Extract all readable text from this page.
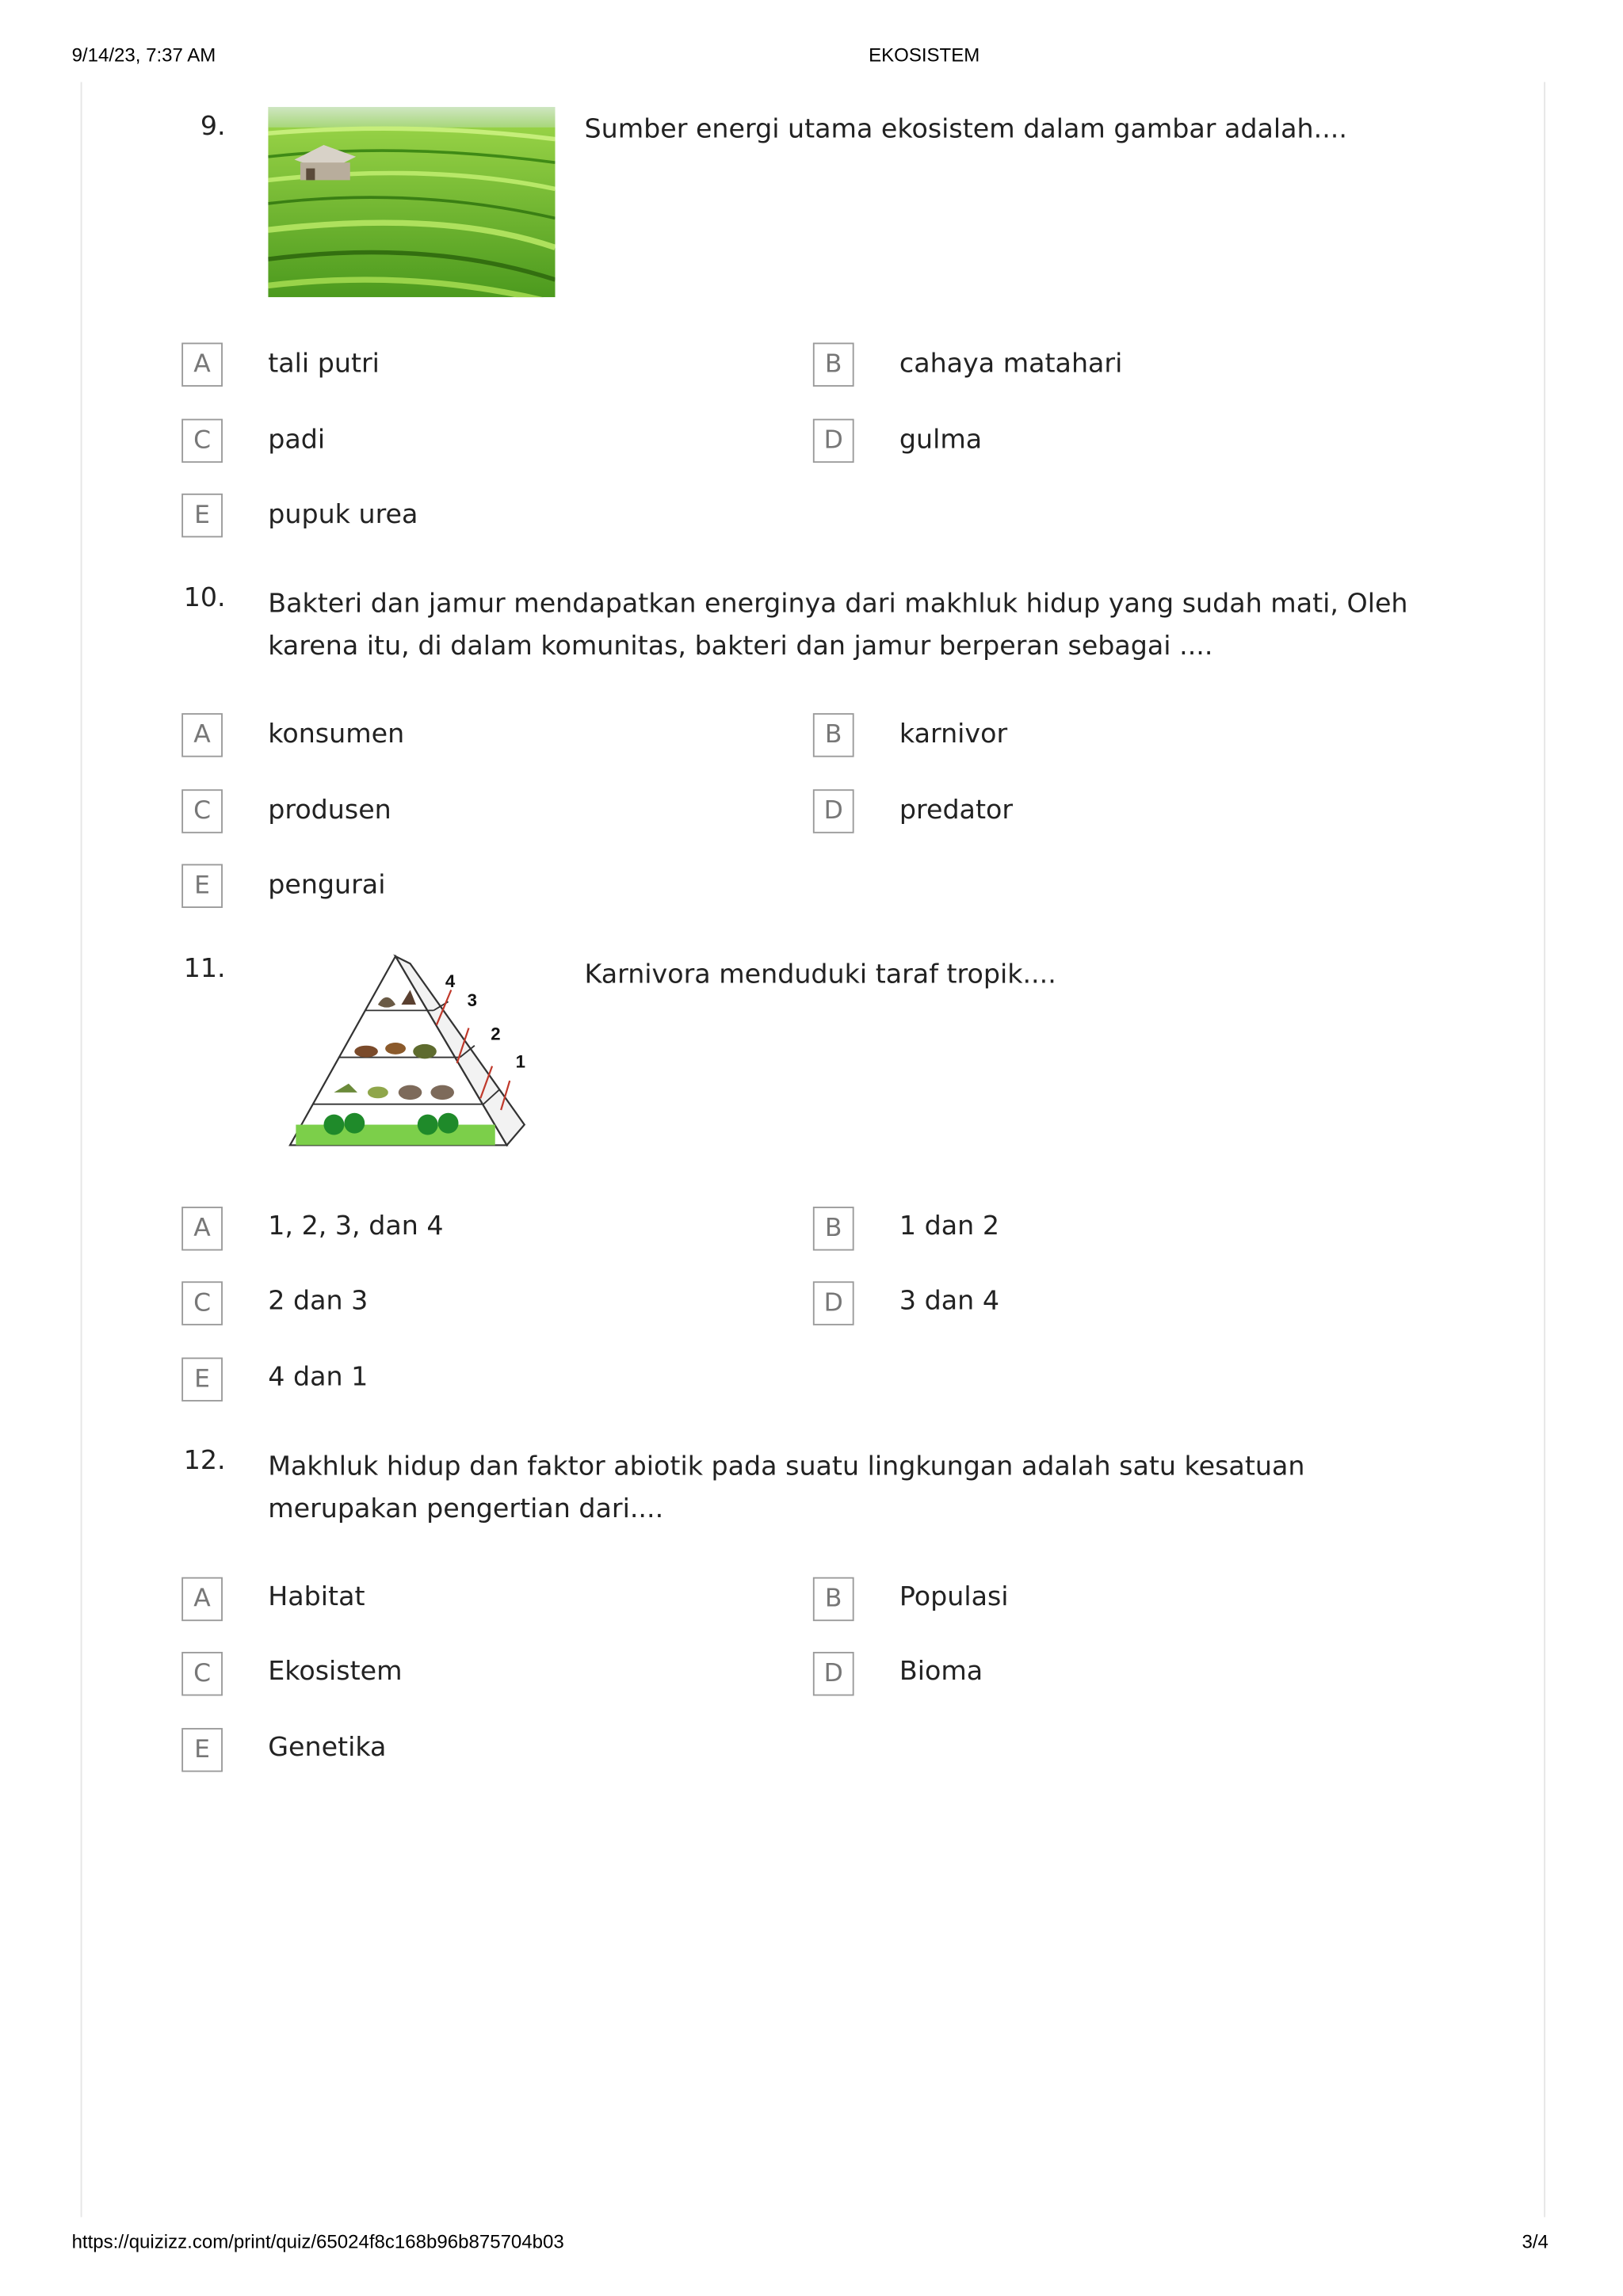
9/14/23, 7:37 AM	EKOSISTEM
9.	Sumber energi utama ekosistem dalam gambar adalah....
A	tali putri	B	cahaya matahari
C	padi	D	gulma
E	pupuk urea
10.	Bakteri dan jamur mendapatkan energinya dari makhluk hidup yang sudah mati, Oleh
karena itu, di dalam komunitas, bakteri dan jamur berperan sebagai ....
A	konsumen	B	karnivor
C	produsen	D	predator
E	pengurai
11.	4
3
2
1
Karnivora menduduki taraf tropik....
A	1, 2, 3, dan 4	B	1 dan 2
C	2 dan 3	D	3 dan 4
E	4 dan 1
12.	Makhluk hidup dan faktor abiotik pada suatu lingkungan adalah satu kesatuan
merupakan pengertian dari....
A	Habitat	B	Populasi
C	Ekosistem	D	Bioma
E	Genetika
https://quizizz.com/print/quiz/65024f8c168b96b875704b03	3/4
